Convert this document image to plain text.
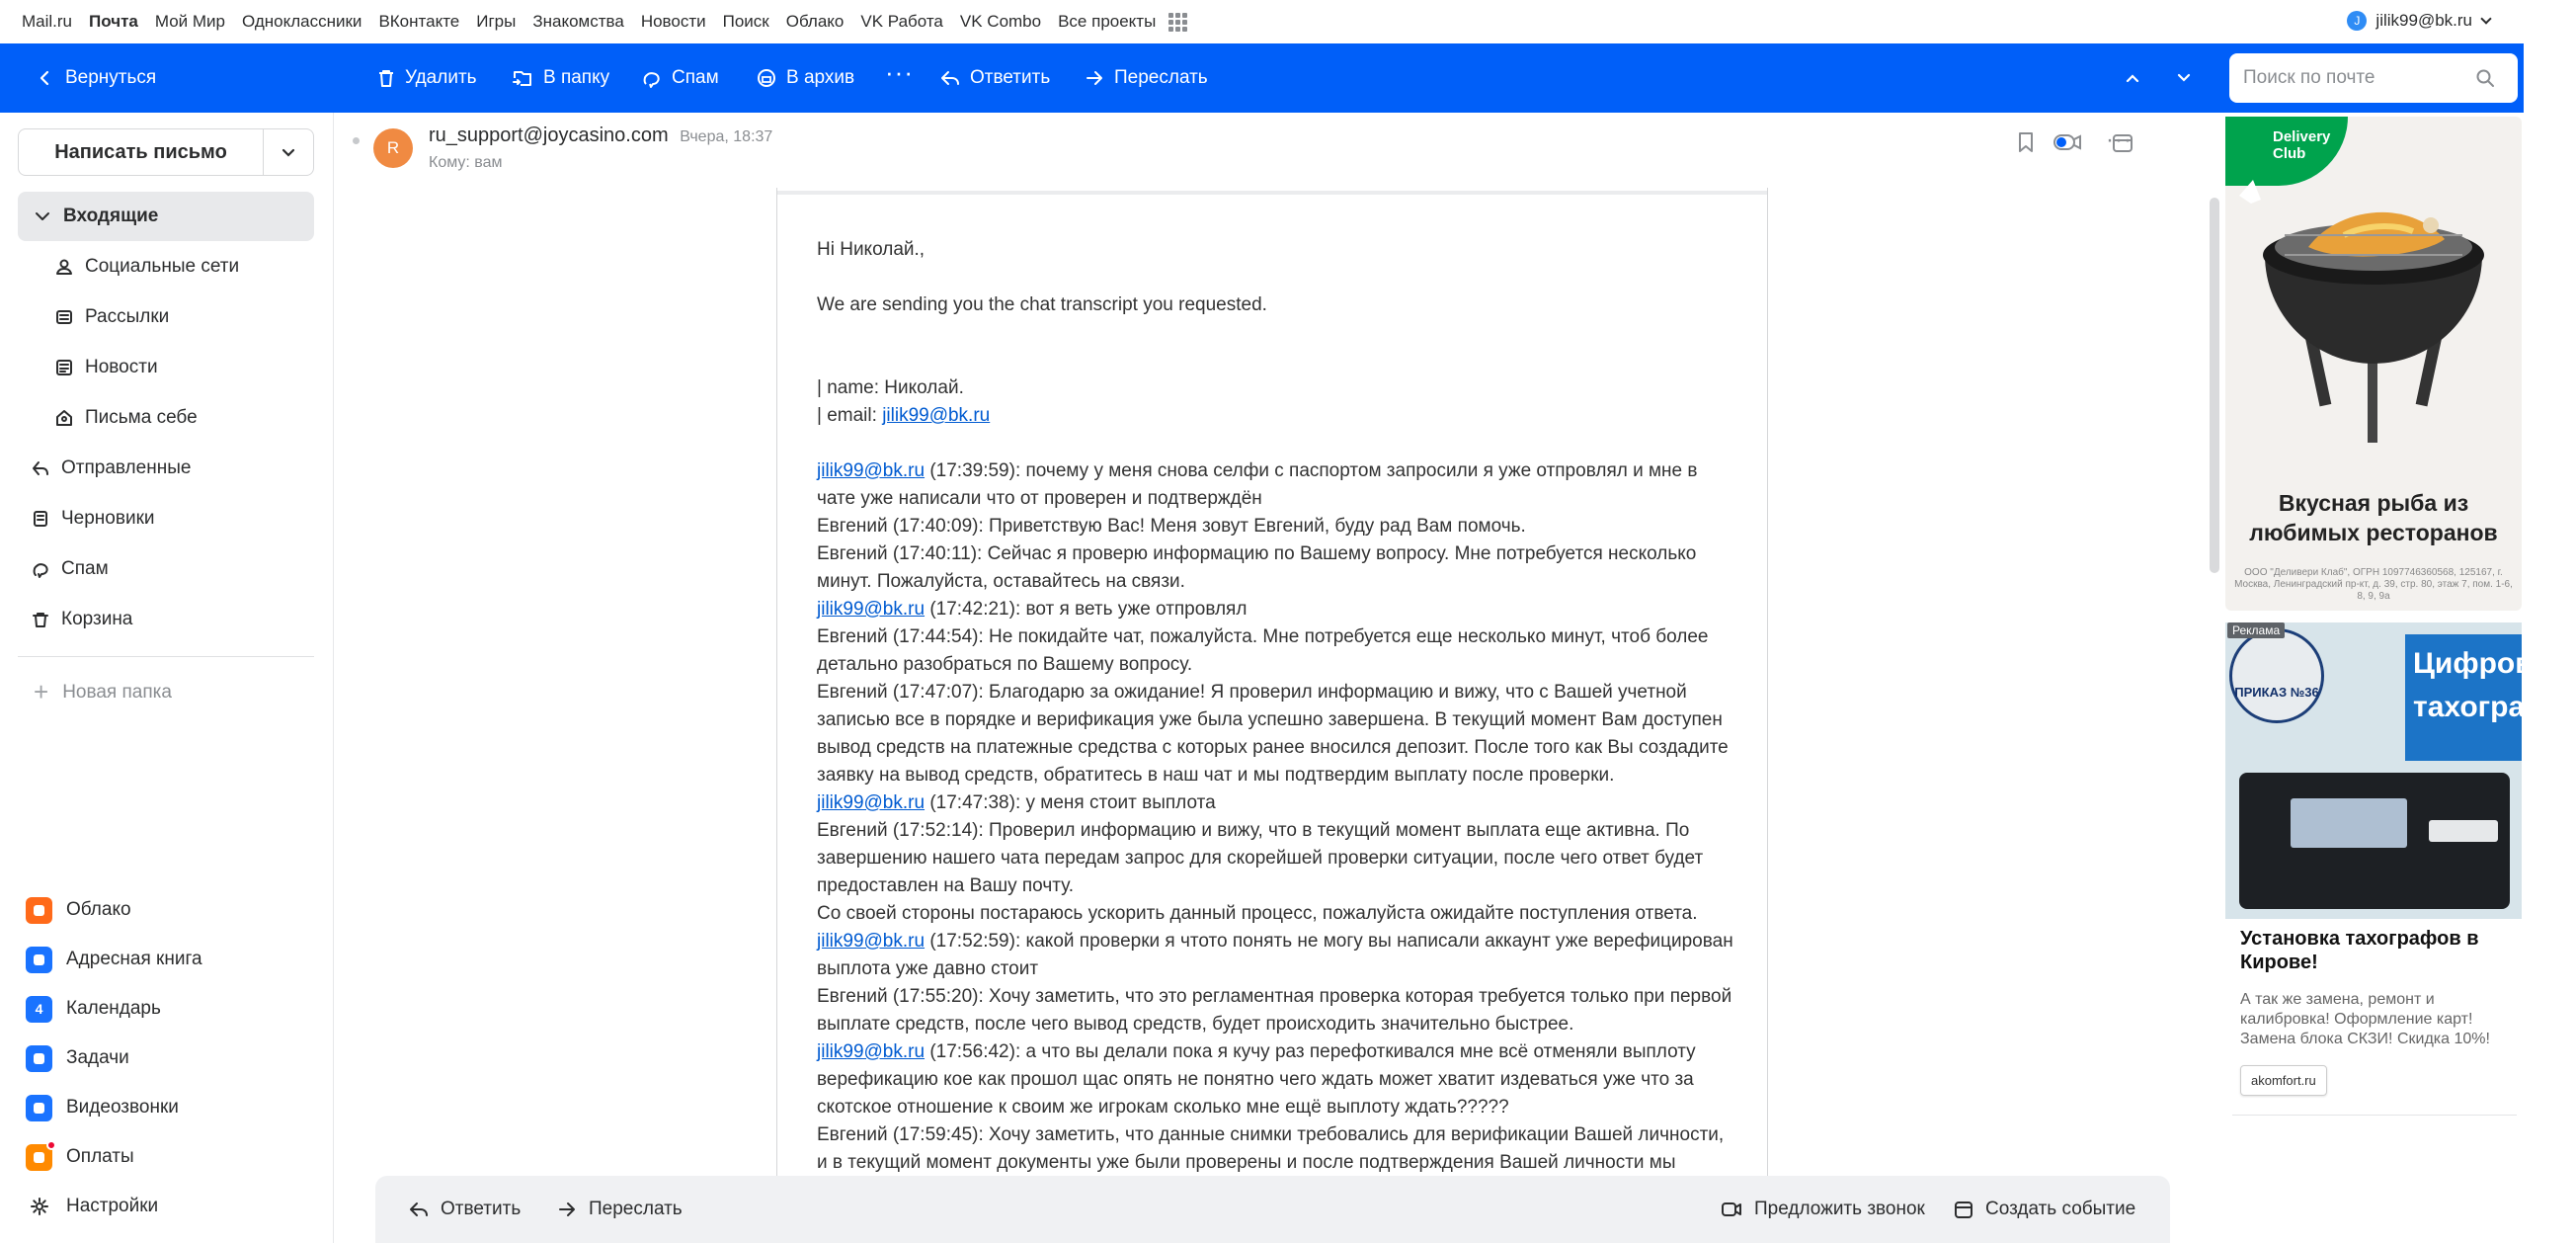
Mail.ru Почта Мой Мир Одноклассники ВКонтакте Игры Знакомства Новости Поиск Облако VK Работа VK Combo Все проекты	J jilik99@bk.ru
Вернуться	Удалить	В папку	Спам	В архив ···	Ответить	Переслать
Поиск по почте
Написать письмо
Входящие
Социальные сети
Рассылки
Новости
Письма себе
Отправленные
Черновики
Спам
Корзина
+ Новая папка
Облако
Адресная книга
4 Календарь
Задачи
Видеозвонки
Оплаты
Настройки
R
ru_support@joycasino.com Вчера, 18:37
Кому: вам
···

Hi Николай.,

We are sending you the chat transcript you requested.

| name: Николай.

| email: jilik99@bk.ru

jilik99@bk.ru (17:39:59): почему у меня снова селфи с паспортом запросили я уже отпровлял и мне в чате уже написали что от проверен и подтверждён

Евгений (17:40:09): Приветствую Вас! Меня зовут Евгений, буду рад Вам помочь.

Евгений (17:40:11): Сейчас я проверю информацию по Вашему вопросу. Мне потребуется несколько минут. Пожалуйста, оставайтесь на связи.

jilik99@bk.ru (17:42:21): вот я веть уже отпровлял

Евгений (17:44:54): Не покидайте чат, пожалуйста. Мне потребуется еще несколько минут, чтоб более детально разобраться по Вашему вопросу.

Евгений (17:47:07): Благодарю за ожидание! Я проверил информацию и вижу, что с Вашей учетной записью все в порядке и верификация уже была успешно завершена. В текущий момент Вам доступен вывод средств на платежные средства с которых ранее вносился депозит. После того как Вы создадите заявку на вывод средств, обратитесь в наш чат и мы подтвердим выплату после проверки.

jilik99@bk.ru (17:47:38): у меня стоит выплота

Евгений (17:52:14): Проверил информацию и вижу, что в текущий момент выплата еще активна. По завершению нашего чата передам запрос для скорейшей проверки ситуации, после чего ответ будет предоставлен на Вашу почту.

Со своей стороны постараюсь ускорить данный процесс, пожалуйста ожидайте поступления ответа.

jilik99@bk.ru (17:52:59): какой проверки я чтото понять не могу вы написали аккаунт уже верефицирован выплота уже давно стоит

Евгений (17:55:20): Хочу заметить, что это регламентная проверка которая требуется только при первой выплате средств, после чего вывод средств, будет происходить значительно быстрее.

jilik99@bk.ru (17:56:42): а что вы делали пока я кучу раз перефоткивался мне всё отменяли выплоту верефикацию кое как прошол щас опять не понятно чего ждать может хватит издеваться уже что за скотское отношение к своим же игрокам сколько мне ещё выплоту ждать?????

Евгений (17:59:45): Хочу заметить, что данные снимки требовались для верификации Вашей личности, и в текущий момент документы уже были проверены и после подтверждения Вашей личности мы

Ответить	Переслать	Предложить звонок	Создать событие
Delivery Club
Вкусная рыба из любимых ресторанов
ООО "Деливери Клаб", ОГРН 1097746360568, 125167, г. Москва, Ленинградский пр-кт, д. 39, стр. 80, этаж 7, пом. 1-6, 8, 9, 9а
Цифровые тахографы
ПРИКАЗ №36
Реклама
Установка тахографов в Кирове!
А так же замена, ремонт и калибровка! Оформление карт! Замена блока СКЗИ! Скидка 10%!
akomfort.ru
